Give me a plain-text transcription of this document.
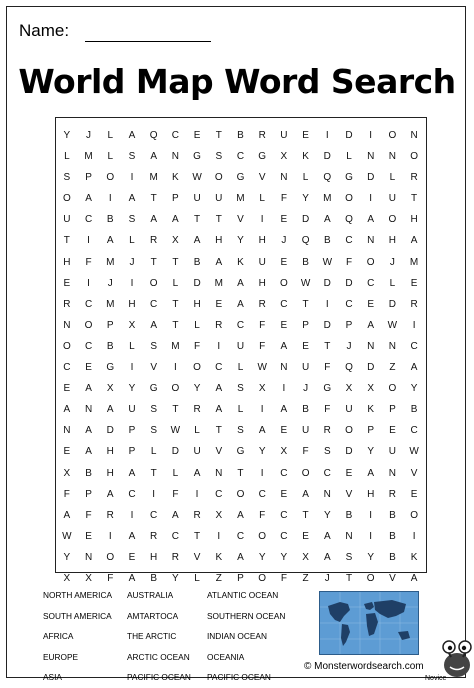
Name:
World Map Word Search
Y	J	L	A	Q	C	E	T	B	R	U	E	I	D	I	O	N
L	M	L	S	A	N	G	S	C	G	X	K	D	L	N	N	O
S	P	O	I	M	K	W	O	G	V	N	L	Q	G	D	L	R
O	A	I	A	T	P	U	U	M	L	F	Y	M	O	I	U	T
U	C	B	S	A	A	T	T	V	I	E	D	A	Q	A	O	H
T	I	A	L	R	X	A	H	Y	H	J	Q	B	C	N	H	A
H	F	M	J	T	T	B	A	K	U	E	B	W	F	O	J	M
E	I	J	I	O	L	D	M	A	H	O	W	D	D	C	L	E
R	C	M	H	C	T	H	E	A	R	C	T	I	C	E	D	R
N	O	P	X	A	T	L	R	C	F	E	P	D	P	A	W	I
O	C	B	L	S	M	F	I	U	F	A	E	T	J	N	N	C
C	E	G	I	V	I	O	C	L	W	N	U	F	Q	D	Z	A
E	A	X	Y	G	O	Y	A	S	X	I	J	G	X	X	O	Y
A	N	A	U	S	T	R	A	L	I	A	B	F	U	K	P	B
N	A	D	P	S	W	L	T	S	A	E	U	R	O	P	E	C
E	A	H	P	L	D	U	V	G	Y	X	F	S	D	Y	U	W
X	B	H	A	T	L	A	N	T	I	C	O	C	E	A	N	V
F	P	A	C	I	F	I	C	O	C	E	A	N	V	H	R	E
A	F	R	I	C	A	R	X	A	F	C	T	Y	B	I	B	O
W	E	I	A	R	C	T	I	C	O	C	E	A	N	I	B	I
Y	N	O	E	H	R	V	K	A	Y	Y	X	A	S	Y	B	K
X	X	F	A	B	Y	L	Z	P	O	F	Z	J	T	O	V	A
NORTH AMERICA
SOUTH AMERICA
AFRICA
EUROPE
ASIA
AUSTRALIA
AMTARTOCA
THE ARCTIC
ARCTIC OCEAN
PACIFIC OCEAN
ATLANTIC OCEAN
SOUTHERN OCEAN
INDIAN OCEAN
OCEANIA
PACIFIC OCEAN
© Monsterwordsearch.com
Novice
